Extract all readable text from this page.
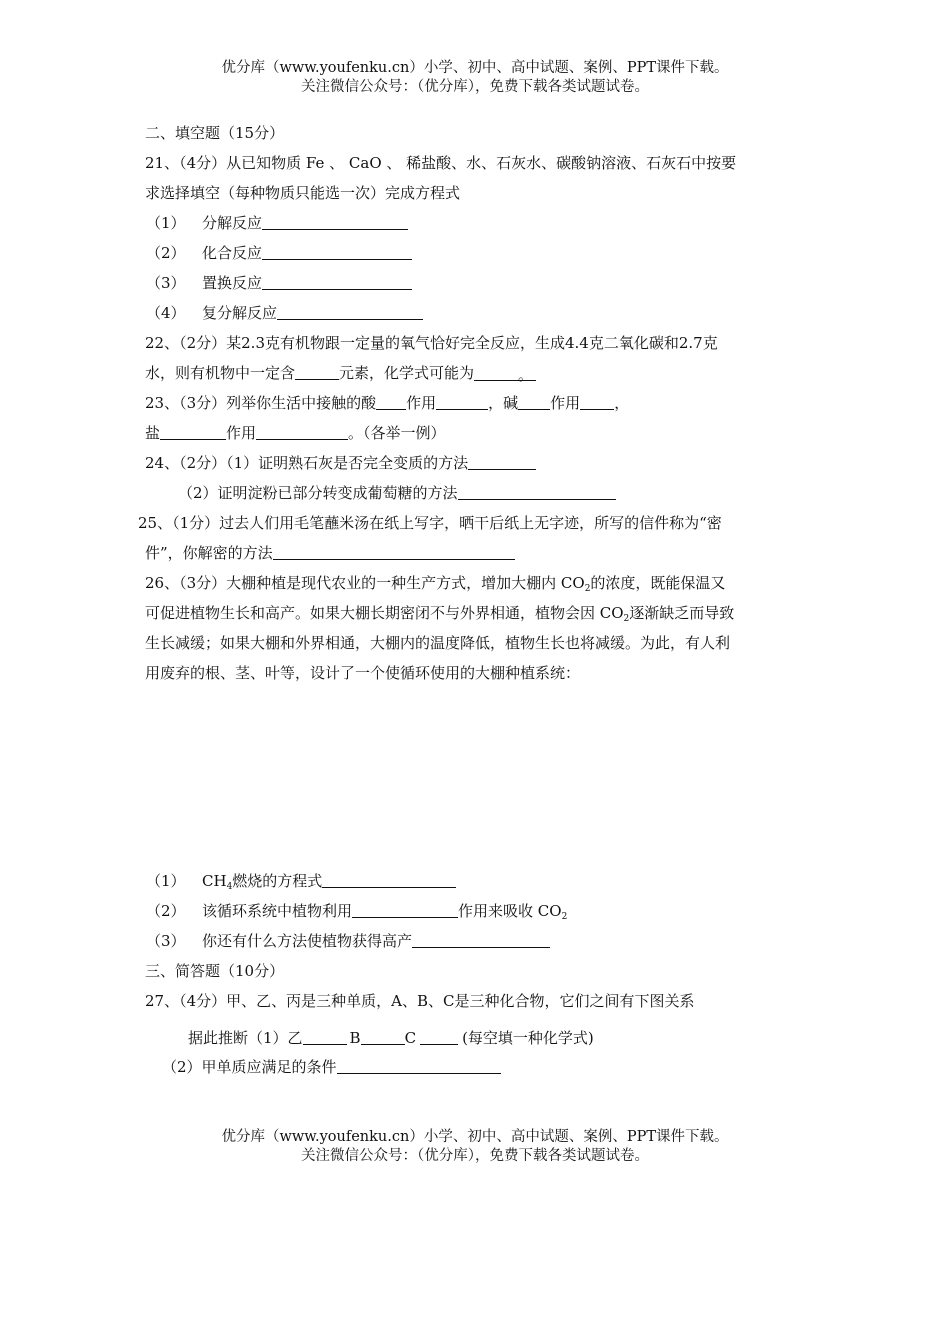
优分库（www.youfenku.cn）小学、初中、高中试题、案例、PPT课件下载。
关注微信公众号：（优分库），免费下载各类试题试卷。
二、填空题（15分）
21、（4分）从已知物质 Fe 、 CaO 、 稀盐酸、水、石灰水、碳酸钠溶液、石灰石中按要
求选择填空（每种物质只能选一次）完成方程式
（1） 分解反应
（2） 化合反应
（3） 置换反应
（4） 复分解反应
22、（2分）某2.3克有机物跟一定量的氧气恰好完全反应，生成4.4克二氧化碳和2.7克
水，则有机物中一定含	元素，化学式可能为	。
23、（3分）列举你生活中接触的酸 作用	，碱 作用 ，
盐	作用	。（各举一例）
24、（2分）（1）证明熟石灰是否完全变质的方法
（2）证明淀粉已部分转变成葡萄糖的方法
25、（1分）过去人们用毛笔蘸米汤在纸上写字，晒干后纸上无字迹，所写的信件称为“密
件”，你解密的方法
26、（3分）大棚种植是现代农业的一种生产方式，增加大棚内 $CO_2$的浓度，既能保温又
可促进植物生长和高产。如果大棚长期密闭不与外界相通，植物会因 $CO_2$逐渐缺乏而导致
生长减缓；如果大棚和外界相通，大棚内的温度降低，植物生长也将减缓。为此，有人利
用废弃的根、茎、叶等，设计了一个使循环使用的大棚种植系统：
（1） $CH_4$燃烧的方程式
（2） 该循环系统中植物利用	作用来吸收 $CO_2$
（3） 你还有什么方法使植物获得高产
三、简答题（10分）
27、（4分）甲、乙、丙是三种单质，A、B、C是三种化合物，它们之间有下图关系
据此推断（1）乙	B	C	(每空填一种化学式)
（2）甲单质应满足的条件
优分库（www.youfenku.cn）小学、初中、高中试题、案例、PPT课件下载。
关注微信公众号：（优分库），免费下载各类试题试卷。
